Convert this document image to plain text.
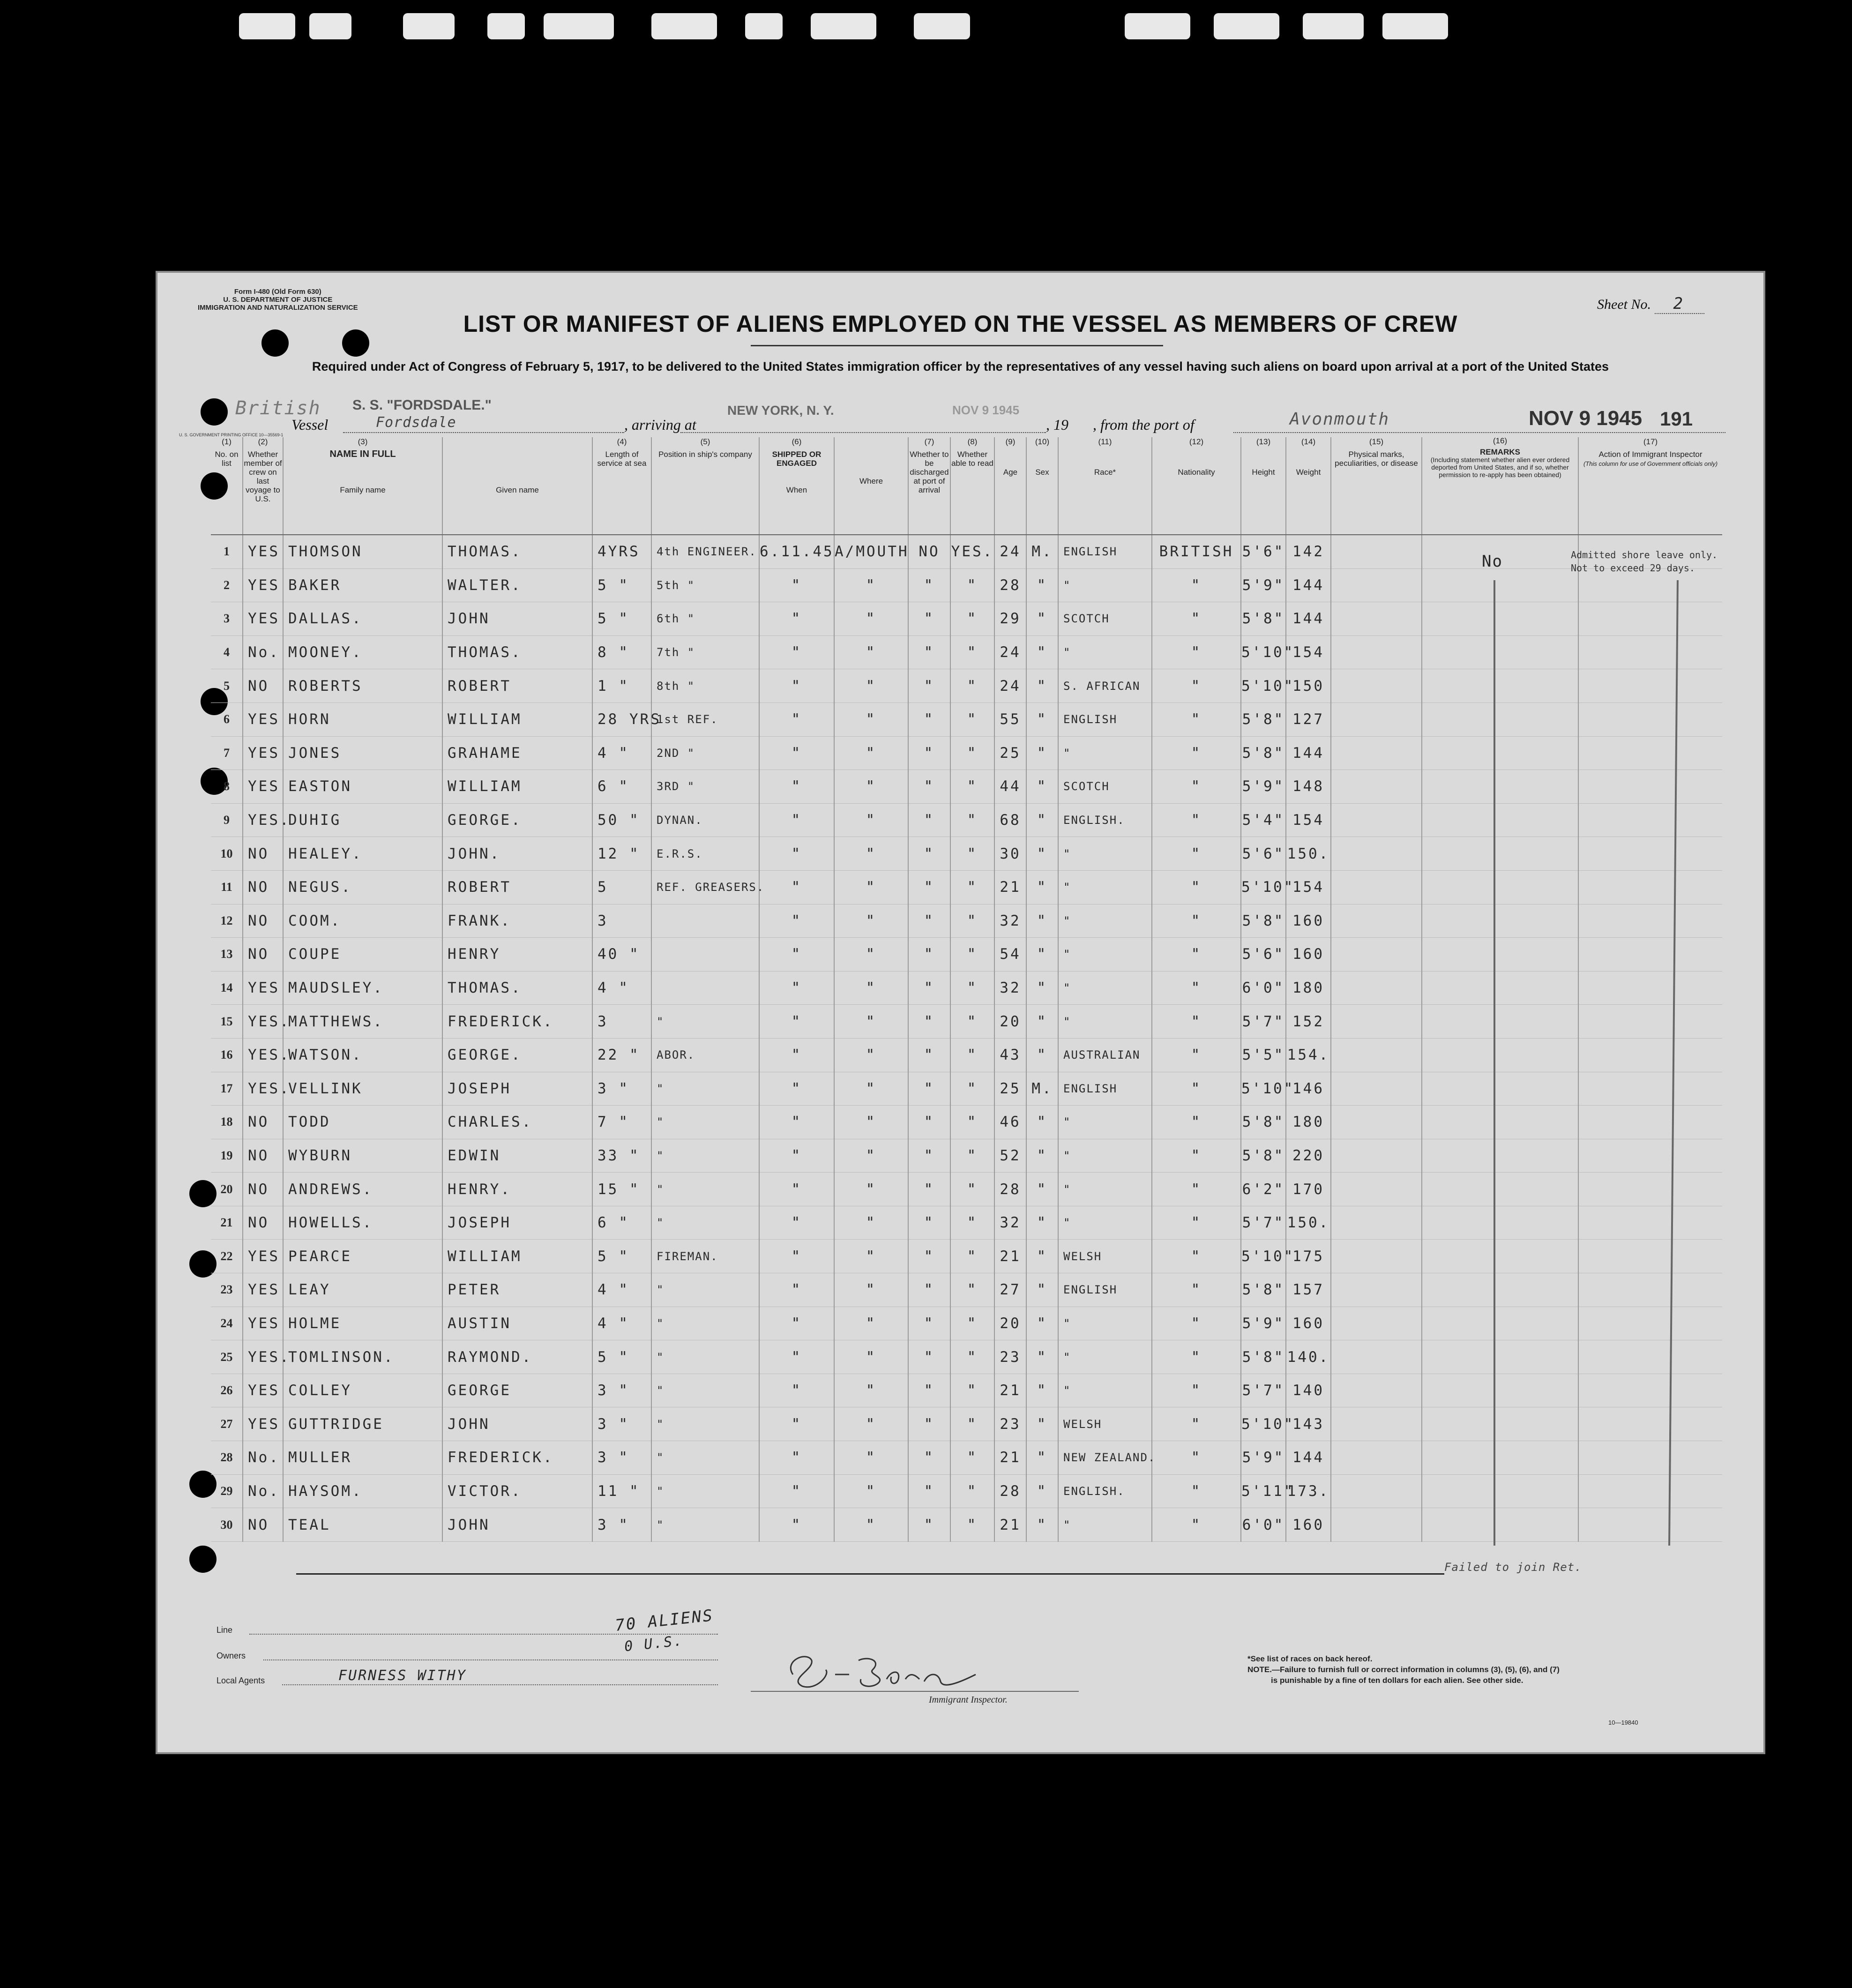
Form I-480 (Old Form 630)
U. S. DEPARTMENT OF JUSTICE
IMMIGRATION AND NATURALIZATION SERVICE	Sheet No. 2
LIST OR MANIFEST OF ALIENS EMPLOYED ON THE VESSEL AS MEMBERS OF CREW
Required under Act of Congress of February 5, 1917, to be delivered to the United States immigration officer by the representatives of any vessel having such aliens on board upon arrival at a port of the United States
British S. S. "FORDSDALE."
Vessel	Fordsdale	, arriving at
NEW YORK, N. Y.	NOV 9 1945
, 19 , from the port of	Avonmouth	NOV 9 1945 191
U. S. GOVERNMENT PRINTING OFFICE 10—35569-1
(1)
No. on list	(2)
Whether member of crew on last voyage to U.S.	(3)
NAME IN FULL

Family name	Given name	(4)
Length of service at sea	(5)
Position in ship's company	(6)
SHIPPED OR ENGAGED

When	Where	(7)
Whether to be discharged at port of arrival	(8)
Whether able to read	(9)

Age	(10)

Sex	(11)

Race*	(12)

Nationality	(13)

Height	(14)

Weight	(15)
Physical marks, peculiarities, or disease	(16)
REMARKS
(Including statement whether alien ever ordered deported from United States, and if so, whether permission to re-apply has been obtained)	(17)
Action of Immigrant Inspector
(This column for use of Government officials only)
1	YES	THOMSON	THOMAS.	4YRS	4th ENGINEER.	6.11.45	A/MOUTH	NO	YES.	24	M.	ENGLISH	BRITISH	5'6"	142			
2	YES	BAKER	WALTER.	5 "	5th "	"	"	"	"	28	"	"	"	5'9"	144			
3	YES	DALLAS.	JOHN	5 "	6th "	"	"	"	"	29	"	SCOTCH	"	5'8"	144			
4	No.	MOONEY.	THOMAS.	8 "	7th "	"	"	"	"	24	"	"	"	5'10"	154			
5	NO	ROBERTS	ROBERT	1 "	8th "	"	"	"	"	24	"	S. AFRICAN	"	5'10"	150			
6	YES	HORN	WILLIAM	28 YRS	1st REF.	"	"	"	"	55	"	ENGLISH	"	5'8"	127			
7	YES	JONES	GRAHAME	4 "	2ND "	"	"	"	"	25	"	"	"	5'8"	144			
8	YES	EASTON	WILLIAM	6 "	3RD "	"	"	"	"	44	"	SCOTCH	"	5'9"	148			
9	YES.	DUHIG	GEORGE.	50 "	DYNAN.	"	"	"	"	68	"	ENGLISH.	"	5'4"	154			
10	NO	HEALEY.	JOHN.	12 "	E.R.S.	"	"	"	"	30	"	"	"	5'6"	150.			
11	NO	NEGUS.	ROBERT	5	REF. GREASERS.	"	"	"	"	21	"	"	"	5'10"	154			
12	NO	COOM.	FRANK.	3		"	"	"	"	32	"	"	"	5'8"	160			
13	NO	COUPE	HENRY	40 "		"	"	"	"	54	"	"	"	5'6"	160			
14	YES	MAUDSLEY.	THOMAS.	4 "		"	"	"	"	32	"	"	"	6'0"	180			
15	YES.	MATTHEWS.	FREDERICK.	3	"	"	"	"	"	20	"	"	"	5'7"	152			
16	YES.	WATSON.	GEORGE.	22 "	ABOR.	"	"	"	"	43	"	AUSTRALIAN	"	5'5"	154.			
17	YES.	VELLINK	JOSEPH	3 "	"	"	"	"	"	25	M.	ENGLISH	"	5'10"	146			
18	NO	TODD	CHARLES.	7 "	"	"	"	"	"	46	"	"	"	5'8"	180			
19	NO	WYBURN	EDWIN	33 "	"	"	"	"	"	52	"	"	"	5'8"	220			
20	NO	ANDREWS.	HENRY.	15 "	"	"	"	"	"	28	"	"	"	6'2"	170			
21	NO	HOWELLS.	JOSEPH	6 "	"	"	"	"	"	32	"	"	"	5'7"	150.			
22	YES	PEARCE	WILLIAM	5 "	FIREMAN.	"	"	"	"	21	"	WELSH	"	5'10"	175			
23	YES	LEAY	PETER	4 "	"	"	"	"	"	27	"	ENGLISH	"	5'8"	157			
24	YES	HOLME	AUSTIN	4 "	"	"	"	"	"	20	"	"	"	5'9"	160			
25	YES.	TOMLINSON.	RAYMOND.	5 "	"	"	"	"	"	23	"	"	"	5'8"	140.			
26	YES	COLLEY	GEORGE	3 "	"	"	"	"	"	21	"	"	"	5'7"	140			
27	YES	GUTTRIDGE	JOHN	3 "	"	"	"	"	"	23	"	WELSH	"	5'10"	143			
28	No.	MULLER	FREDERICK.	3 "	"	"	"	"	"	21	"	NEW ZEALAND.	"	5'9"	144			
29	No.	HAYSOM.	VICTOR.	11 "	"	"	"	"	"	28	"	ENGLISH.	"	5'11"	173.			
30	NO	TEAL	JOHN	3 "	"	"	"	"	"	21	"	"	"	6'0"	160			
Admitted shore leave only.
Not to exceed 29 days.
No
Failed to join Ret.
Line
Owners
Local Agents	FURNESS WITHY
70 ALIENS
0 U.S.
E. J. Born
Immigrant Inspector.
*See list of races on back hereof.
NOTE.—Failure to furnish full or correct information in columns (3), (5), (6), and (7)
is punishable by a fine of ten dollars for each alien. See other side.
10—19840
